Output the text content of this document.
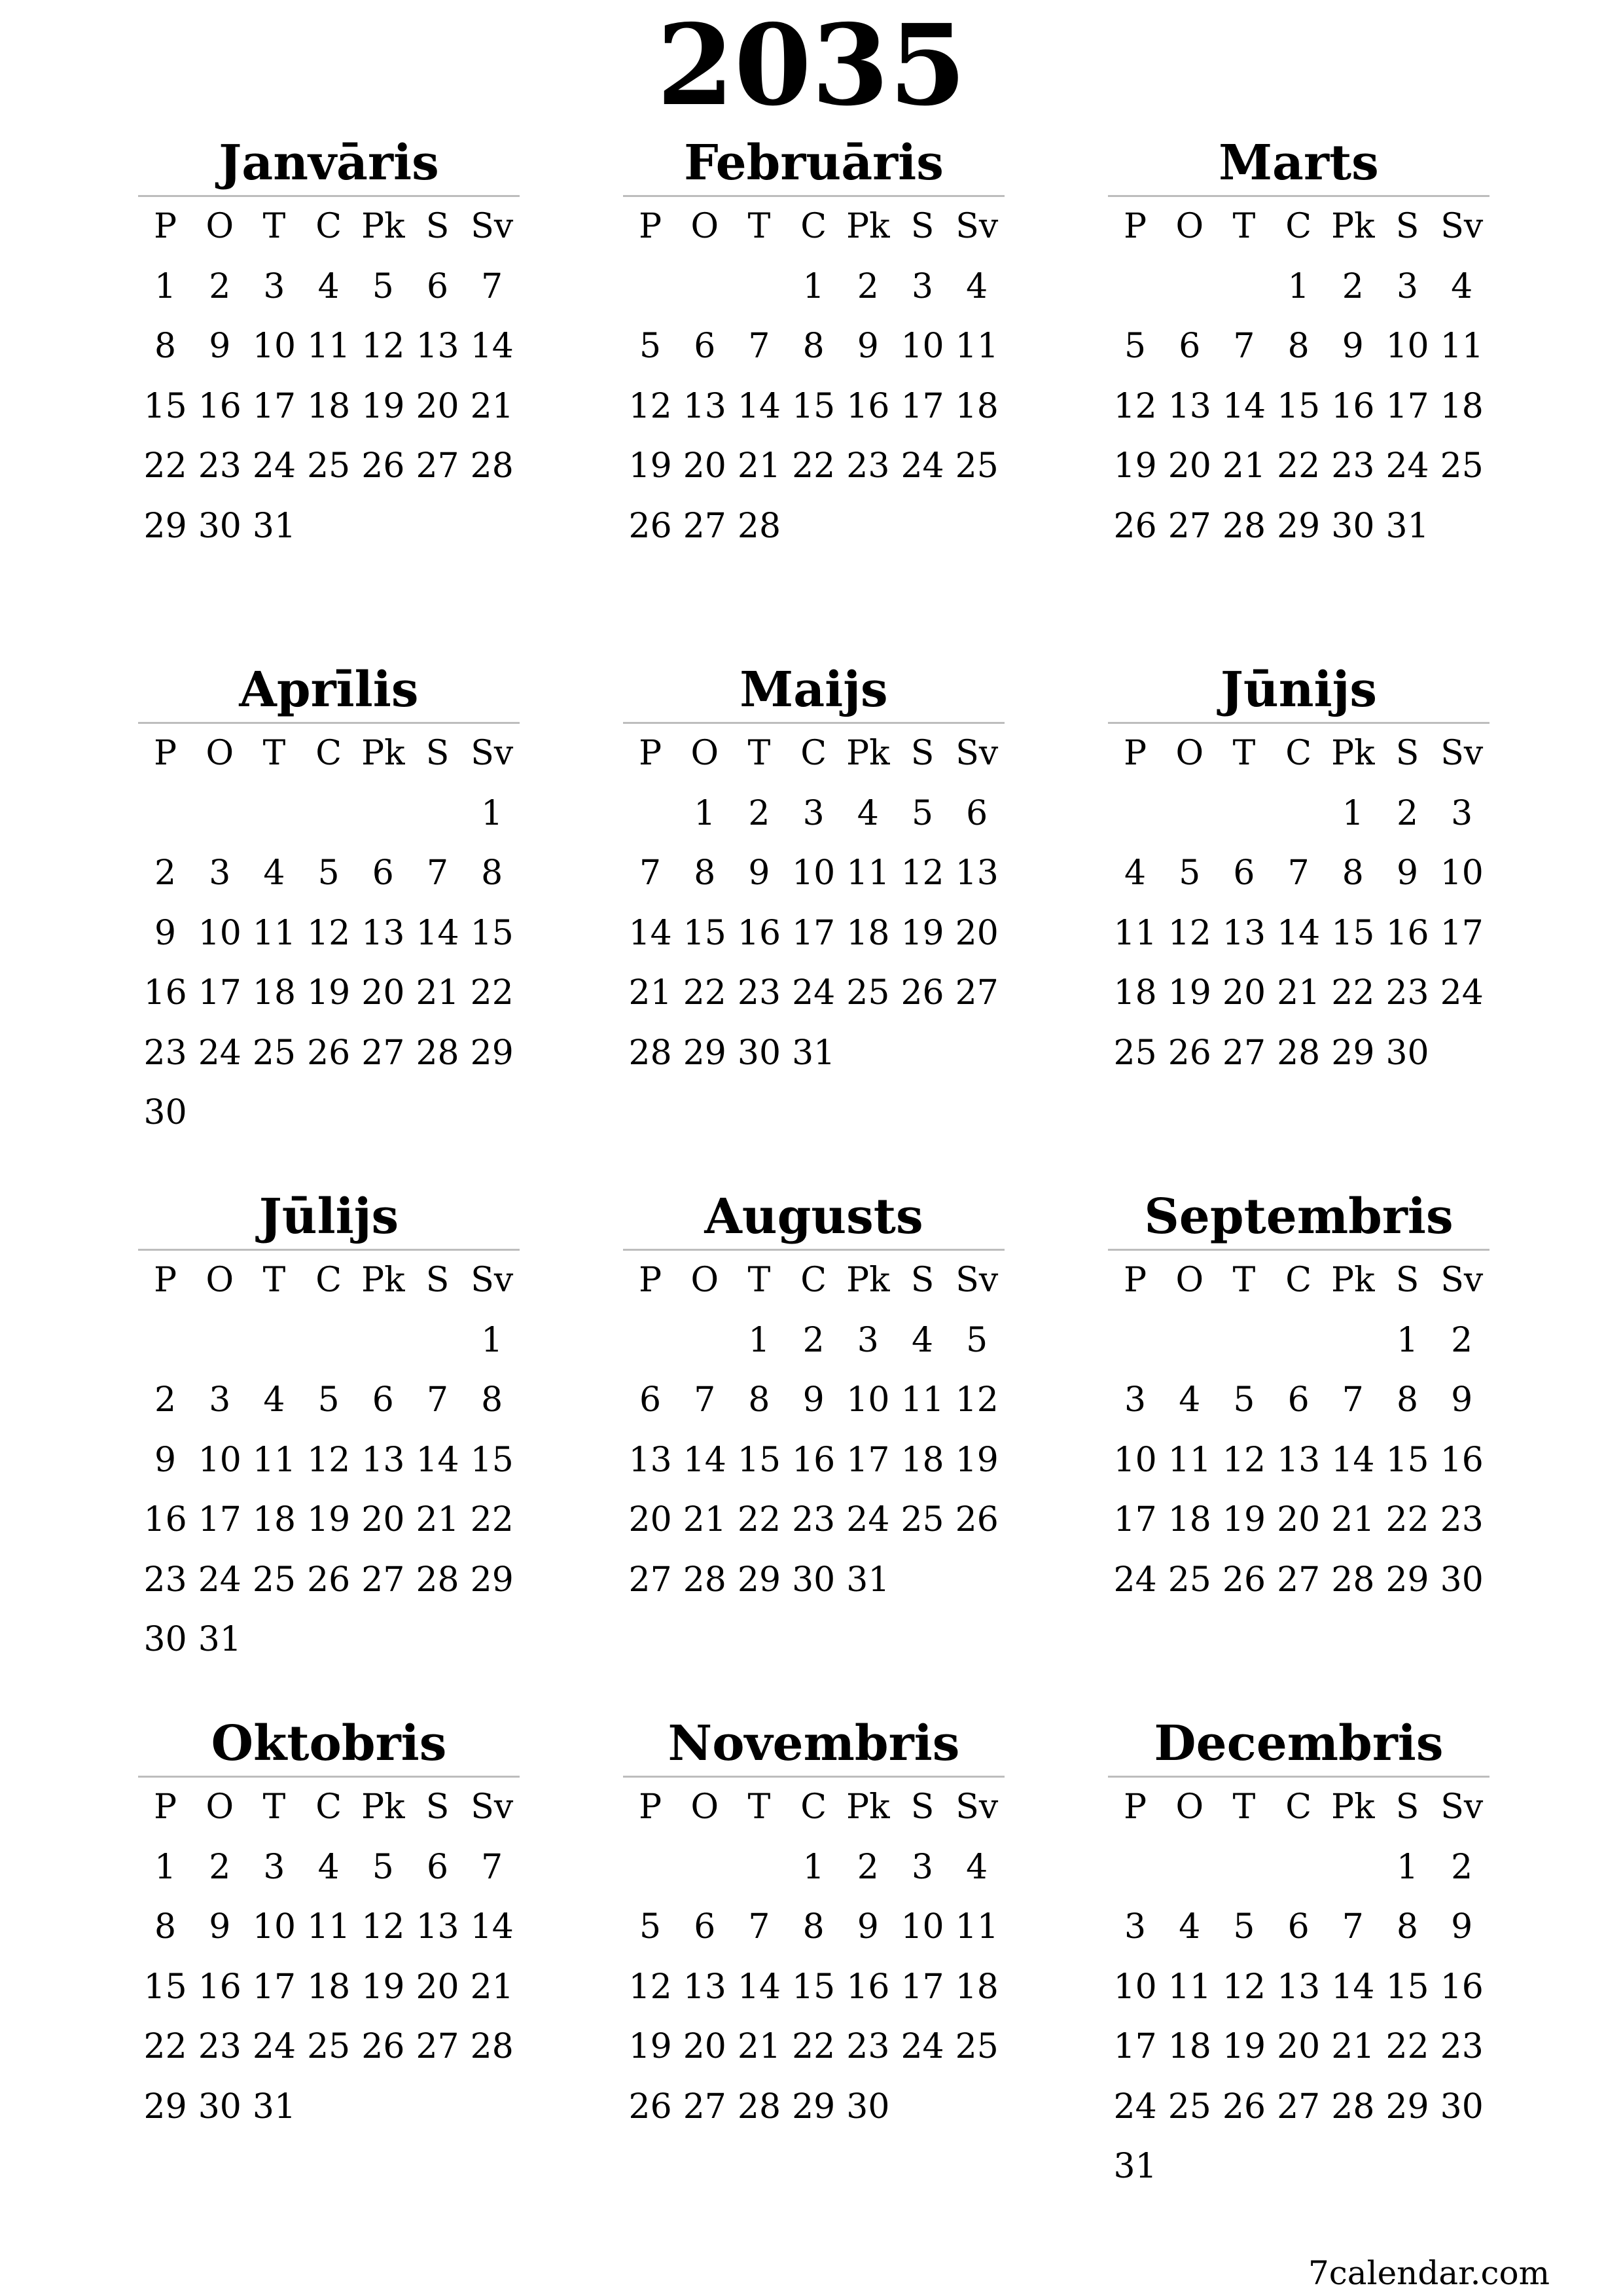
2035
Janvāris
P O T C Pk S Sv
1 2 3 4 5 6 7
8 9 10 11 12 13 14
15 16 17 18 19 20 21
22 23 24 25 26 27 28
29 30 31
Februāris
P O T C Pk S Sv
1 2 3 4
5 6 7 8 9 10 11
12 13 14 15 16 17 18
19 20 21 22 23 24 25
26 27 28
Marts
P O T C Pk S Sv
1 2 3 4
5 6 7 8 9 10 11
12 13 14 15 16 17 18
19 20 21 22 23 24 25
26 27 28 29 30 31
Aprīlis
P O T C Pk S Sv
1
2 3 4 5 6 7 8
9 10 11 12 13 14 15
16 17 18 19 20 21 22
23 24 25 26 27 28 29
30
Maijs
P O T C Pk S Sv
1 2 3 4 5 6
7 8 9 10 11 12 13
14 15 16 17 18 19 20
21 22 23 24 25 26 27
28 29 30 31
Jūnijs
P O T C Pk S Sv
1 2 3
4 5 6 7 8 9 10
11 12 13 14 15 16 17
18 19 20 21 22 23 24
25 26 27 28 29 30
Jūlijs
P O T C Pk S Sv
1
2 3 4 5 6 7 8
9 10 11 12 13 14 15
16 17 18 19 20 21 22
23 24 25 26 27 28 29
30 31
Augusts
P O T C Pk S Sv
1 2 3 4 5
6 7 8 9 10 11 12
13 14 15 16 17 18 19
20 21 22 23 24 25 26
27 28 29 30 31
Septembris
P O T C Pk S Sv
1 2
3 4 5 6 7 8 9
10 11 12 13 14 15 16
17 18 19 20 21 22 23
24 25 26 27 28 29 30
Oktobris
P O T C Pk S Sv
1 2 3 4 5 6 7
8 9 10 11 12 13 14
15 16 17 18 19 20 21
22 23 24 25 26 27 28
29 30 31
Novembris
P O T C Pk S Sv
1 2 3 4
5 6 7 8 9 10 11
12 13 14 15 16 17 18
19 20 21 22 23 24 25
26 27 28 29 30
Decembris
P O T C Pk S Sv
1 2
3 4 5 6 7 8 9
10 11 12 13 14 15 16
17 18 19 20 21 22 23
24 25 26 27 28 29 30
31
7calendar.com
